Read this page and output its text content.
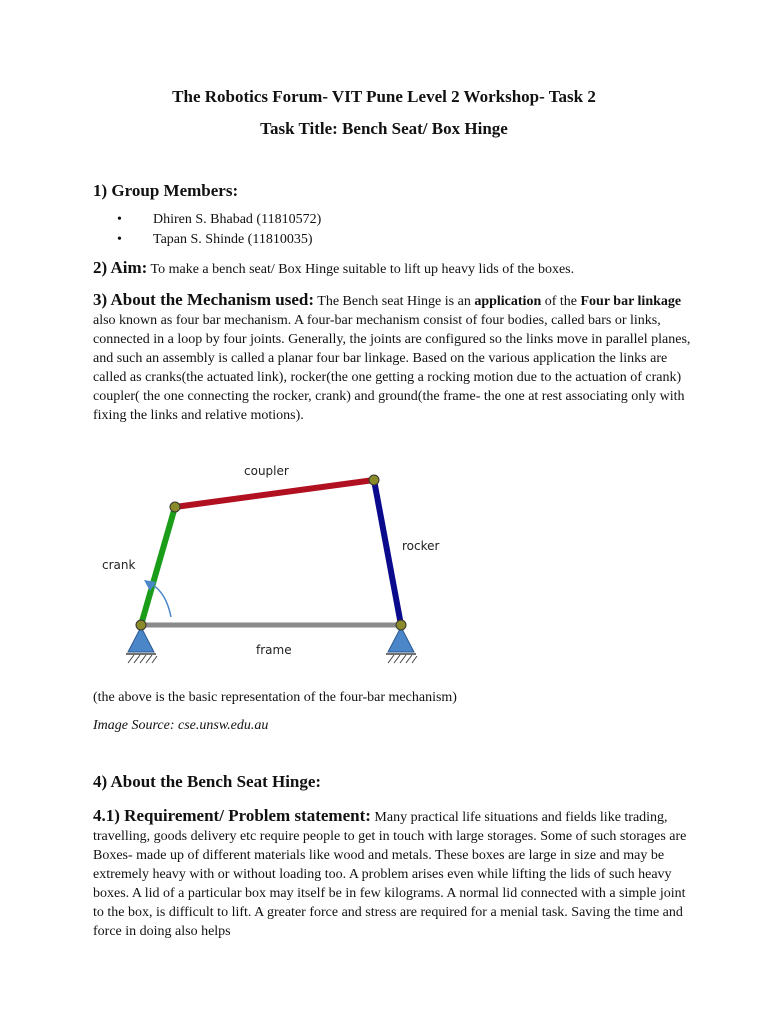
The Robotics Forum- VIT Pune Level 2 Workshop- Task 2
Task Title: Bench Seat/ Box Hinge
1) Group Members:
• Dhiren S. Bhabad (11810572)
• Tapan S. Shinde (11810035)
2) Aim: To make a bench seat/ Box Hinge suitable to lift up heavy lids of the boxes.
3) About the Mechanism used: The Bench seat Hinge is an application of the Four bar linkage also known as four bar mechanism. A four-bar mechanism consist of four bodies, called bars or links, connected in a loop by four joints. Generally, the joints are configured so the links move in parallel planes, and such an assembly is called a planar four bar linkage. Based on the various application the links are called as cranks(the actuated link), rocker(the one getting a rocking motion due to the actuation of crank) coupler( the one connecting the rocker, crank) and ground(the frame- the one at rest associating only with fixing the links and relative motions).
coupler
rocker
crank
frame
(the above is the basic representation of the four-bar mechanism)
Image Source: cse.unsw.edu.au
4) About the Bench Seat Hinge:
4.1) Requirement/ Problem statement: Many practical life situations and fields like trading, travelling, goods delivery etc require people to get in touch with large storages. Some of such storages are Boxes- made up of different materials like wood and metals. These boxes are large in size and may be extremely heavy with or without loading too. A problem arises even while lifting the lids of such heavy boxes. A lid of a particular box may itself be in few kilograms. A normal lid connected with a simple joint to the box, is difficult to lift. A greater force and stress are required for a menial task. Saving the time and force in doing also helps
